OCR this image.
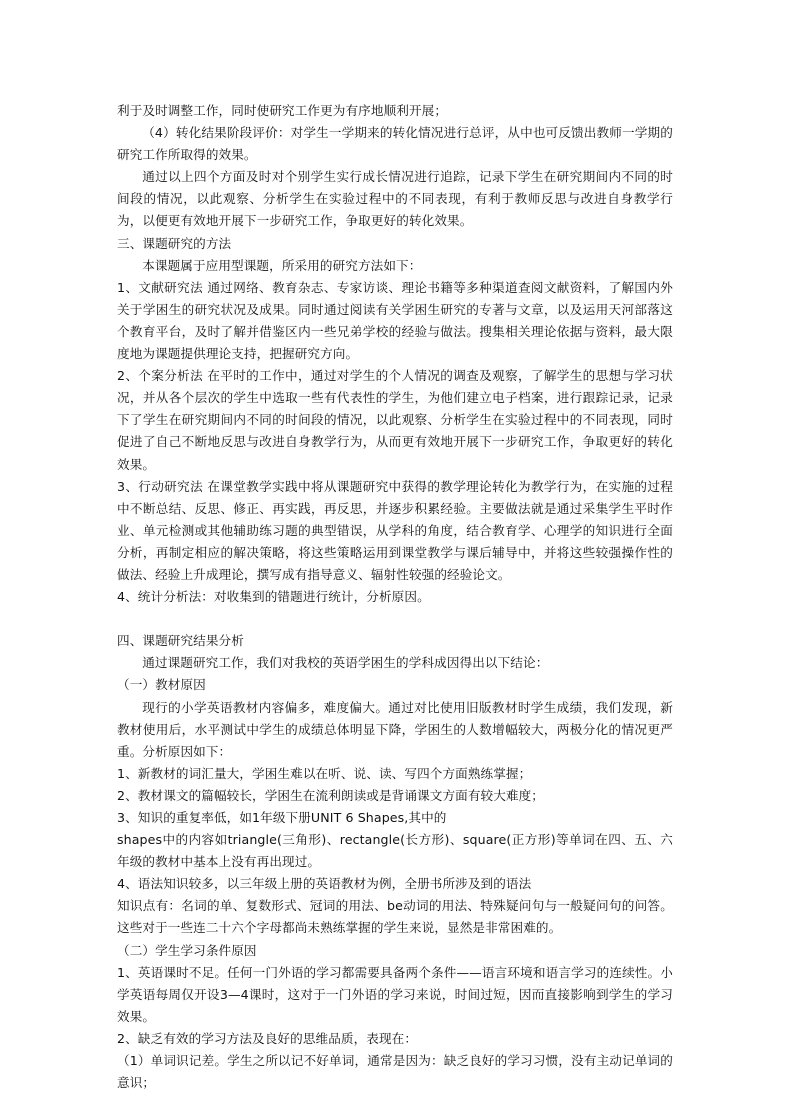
利于及时调整工作，同时使研究工作更为有序地顺利开展；

（4）转化结果阶段评价：对学生一学期来的转化情况进行总评，从中也可反馈出教师一学期的研究工作所取得的效果。

通过以上四个方面及时对个别学生实行成长情况进行追踪，记录下学生在研究期间内不同的时间段的情况，以此观察、分析学生在实验过程中的不同表现，有利于教师反思与改进自身教学行为，以便更有效地开展下一步研究工作，争取更好的转化效果。

三、课题研究的方法

本课题属于应用型课题，所采用的研究方法如下：

1、文献研究法 通过网络、教育杂志、专家访谈、理论书籍等多种渠道查阅文献资料，了解国内外关于学困生的研究状况及成果。同时通过阅读有关学困生研究的专著与文章，以及运用天河部落这个教育平台，及时了解并借鉴区内一些兄弟学校的经验与做法。搜集相关理论依据与资料，最大限度地为课题提供理论支持，把握研究方向。

2、个案分析法 在平时的工作中，通过对学生的个人情况的调查及观察，了解学生的思想与学习状况，并从各个层次的学生中选取一些有代表性的学生，为他们建立电子档案，进行跟踪记录，记录下了学生在研究期间内不同的时间段的情况，以此观察、分析学生在实验过程中的不同表现，同时促进了自己不断地反思与改进自身教学行为，从而更有效地开展下一步研究工作，争取更好的转化效果。

3、行动研究法 在课堂教学实践中将从课题研究中获得的教学理论转化为教学行为，在实施的过程中不断总结、反思、修正、再实践，再反思，并逐步积累经验。主要做法就是通过采集学生平时作业、单元检测或其他辅助练习题的典型错误，从学科的角度，结合教育学、心理学的知识进行全面分析，再制定相应的解决策略，将这些策略运用到课堂教学与课后辅导中，并将这些较强操作性的做法、经验上升成理论，撰写成有指导意义、辐射性较强的经验论文。

4、统计分析法：对收集到的错题进行统计，分析原因。

四、课题研究结果分析

通过课题研究工作，我们对我校的英语学困生的学科成因得出以下结论：

（一）教材原因

现行的小学英语教材内容偏多，难度偏大。通过对比使用旧版教材时学生成绩，我们发现，新教材使用后，水平测试中学生的成绩总体明显下降，学困生的人数增幅较大，两极分化的情况更严重。分析原因如下：

1、新教材的词汇量大，学困生难以在听、说、读、写四个方面熟练掌握；

2、教材课文的篇幅较长，学困生在流利朗读或是背诵课文方面有较大难度；

3、知识的重复率低，如1年级下册UNIT 6 Shapes,其中的

shapes中的内容如triangle(三角形)、rectangle(长方形)、square(正方形)等单词在四、五、六年级的教材中基本上没有再出现过。

4、语法知识较多，以三年级上册的英语教材为例，全册书所涉及到的语法

知识点有：名词的单、复数形式、冠词的用法、be动词的用法、特殊疑问句与一般疑问句的问答。这些对于一些连二十六个字母都尚未熟练掌握的学生来说，显然是非常困难的。

（二）学生学习条件原因

1、英语课时不足。任何一门外语的学习都需要具备两个条件——语言环境和语言学习的连续性。小学英语每周仅开设3—4课时，这对于一门外语的学习来说，时间过短，因而直接影响到学生的学习效果。

2、缺乏有效的学习方法及良好的思维品质，表现在：

（1）单词识记差。学生之所以记不好单词，通常是因为：缺乏良好的学习习惯，没有主动记单词的意识；
